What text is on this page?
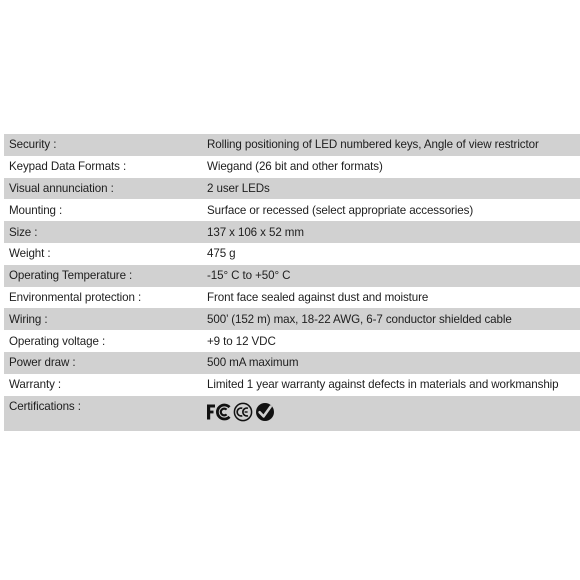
Security :	Rolling positioning of LED numbered keys, Angle of view restrictor
Keypad Data Formats :	Wiegand (26 bit and other formats)
Visual annunciation :	2 user LEDs
Mounting :	Surface or recessed (select appropriate accessories)
Size :	137 x 106 x 52 mm
Weight :	475 g
Operating Temperature :	-15° C to +50° C
Environmental protection :	Front face sealed against dust and moisture
Wiring :	500’ (152 m) max, 18-22 AWG, 6-7 conductor shielded cable
Operating voltage :	+9 to 12 VDC
Power draw :	500 mA maximum
Warranty :	Limited 1 year warranty against defects in materials and workmanship
Certifications :
